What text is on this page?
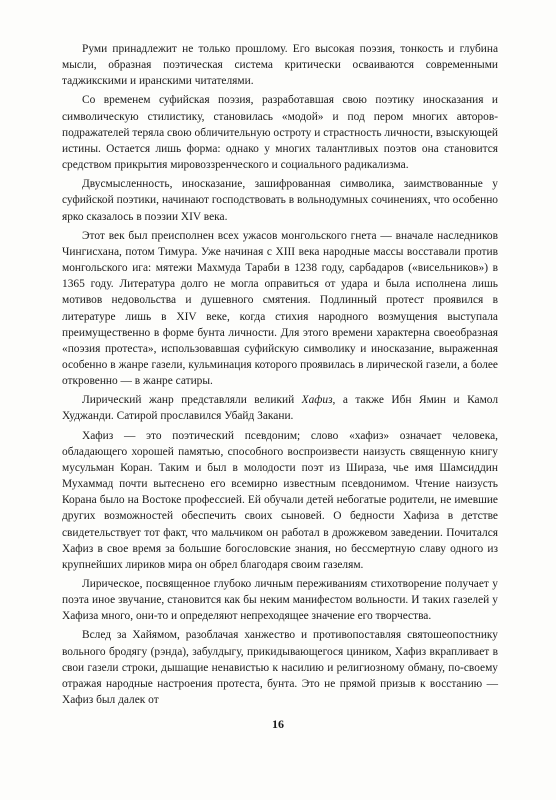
Руми принадлежит не только прошлому. Его высокая поэзия, тонкость и глубина мысли, образная поэтическая система критически осваиваются современными таджикскими и иранскими читателями.

Со временем суфийская поэзия, разработавшая свою поэтику иносказания и символическую стилистику, становилась «модой» и под пером многих авторов-подражателей теряла свою обличительную остроту и страстность личности, взыскующей истины. Остается лишь форма: однако у многих талантливых поэтов она становится средством прикрытия мировоззренческого и социального радикализма.

Двусмысленность, иносказание, зашифрованная символика, заимствованные у суфийской поэтики, начинают господствовать в вольнодумных сочинениях, что особенно ярко сказалось в поэзии XIV века.

Этот век был преисполнен всех ужасов монгольского гнета — вначале наследников Чингисхана, потом Тимура. Уже начиная с XIII века народные массы восставали против монгольского ига: мятежи Махмуда Тараби в 1238 году, сарбадаров («висельников») в 1365 году. Литература долго не могла оправиться от удара и была исполнена лишь мотивов недовольства и душевного смятения. Подлинный протест проявился в литературе лишь в XIV веке, когда стихия народного возмущения выступала преимущественно в форме бунта личности. Для этого времени характерна своеобразная «поэзия протеста», использовавшая суфийскую символику и иносказание, выраженная особенно в жанре газели, кульминация которого проявилась в лирической газели, а более откровенно — в жанре сатиры.

Лирический жанр представляли великий Хафиз, а также Ибн Ямин и Камол Худжанди. Сатирой прославился Убайд Закани.

Хафиз — это поэтический псевдоним; слово «хафиз» означает человека, обладающего хорошей памятью, способного воспроизвести наизусть священную книгу мусульман Коран. Таким и был в молодости поэт из Шираза, чье имя Шамсиддин Мухаммад почти вытеснено его всемирно известным псевдонимом. Чтение наизусть Корана было на Востоке профессией. Ей обучали детей небогатые родители, не имевшие других возможностей обеспечить своих сыновей. О бедности Хафиза в детстве свидетельствует тот факт, что мальчиком он работал в дрожжевом заведении. Почитался Хафиз в свое время за большие богословские знания, но бессмертную славу одного из крупнейших лириков мира он обрел благодаря своим газелям.

Лирическое, посвященное глубоко личным переживаниям стихотворение получает у поэта иное звучание, становится как бы неким манифестом вольности. И таких газелей у Хафиза много, они-то и определяют непреходящее значение его творчества.

Вслед за Хайямом, разоблачая ханжество и противопоставляя святошеопостнику вольного бродягу (рэнда), забулдыгу, прикидывающегося циником, Хафиз вкрапливает в свои газели строки, дышащие ненавистью к насилию и религиозному обману, по-своему отражая народные настроения протеста, бунта. Это не прямой призыв к восстанию — Хафиз был далек от

16
